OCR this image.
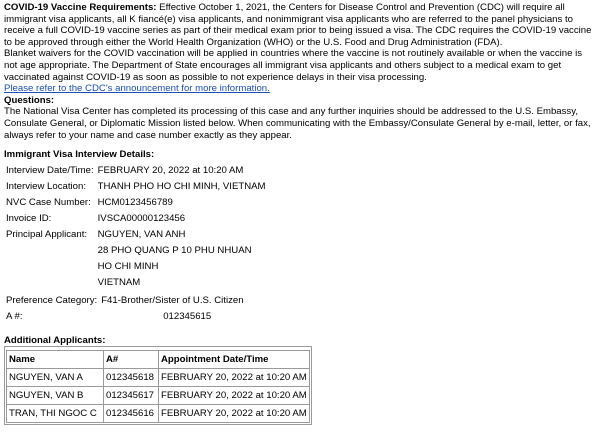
COVID-19 Vaccine Requirements: Effective October 1, 2021, the Centers for Disease Control and Prevention (CDC) will require all immigrant visa applicants, all K fiancé(e) visa applicants, and nonimmigrant visa applicants who are referred to the panel physicians to receive a full COVID-19 vaccine series as part of their medical exam prior to being issued a visa. The CDC requires the COVID-19 vaccine to be approved through either the World Health Organization (WHO) or the U.S. Food and Drug Administration (FDA).

Blanket waivers for the COVID vaccination will be applied in countries where the vaccine is not routinely available or when the vaccine is not age appropriate. The Department of State encourages all immigrant visa applicants and others subject to a medical exam to get vaccinated against COVID-19 as soon as possible to not experience delays in their visa processing.

Please refer to the CDC's announcement for more information.

Questions:

The National Visa Center has completed its processing of this case and any further inquiries should be addressed to the U.S. Embassy, Consulate General, or Diplomatic Mission listed below. When communicating with the Embassy/Consulate General by e-mail, letter, or fax, always refer to your name and case number exactly as they appear.

Immigrant Visa Interview Details:

Interview Date/Time:	FEBRUARY 20, 2022 at 10:20 AM
Interview Location:	THANH PHO HO CHI MINH, VIETNAM
NVC Case Number:	HCM0123456789
Invoice ID:	IVSCA00000123456
Principal Applicant:	NGUYEN, VAN ANH
	28 PHO QUANG P 10 PHU NHUAN
	HO CHI MINH
	VIETNAM
Preference Category:	F41-Brother/Sister of U.S. Citizen
A #:	012345615

Additional Applicants:

Name	A#	Appointment Date/Time
NGUYEN, VAN A	012345618	FEBRUARY 20, 2022 at 10:20 AM
NGUYEN, VAN B	012345617	FEBRUARY 20, 2022 at 10:20 AM
TRAN, THI NGOC C	012345616	FEBRUARY 20, 2022 at 10:20 AM
